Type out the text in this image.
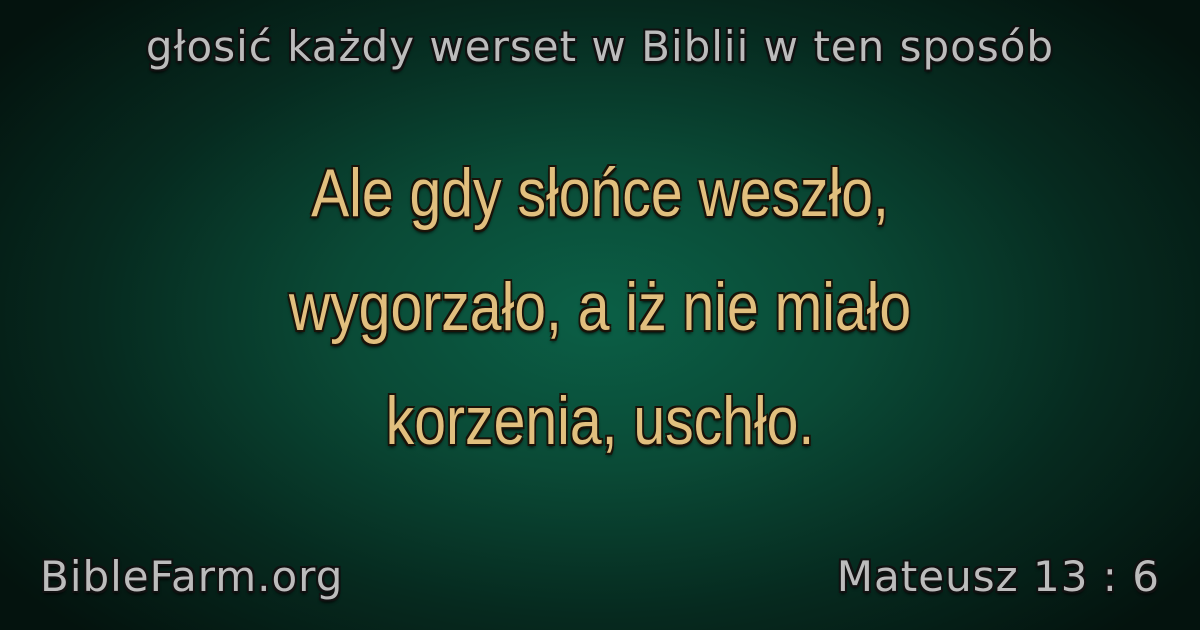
głosić każdy werset w Biblii w ten sposób
Ale gdy słońce weszło,
wygorzało, a iż nie miało
korzenia, uschło.
BibleFarm.org	Mateusz 13 : 6
